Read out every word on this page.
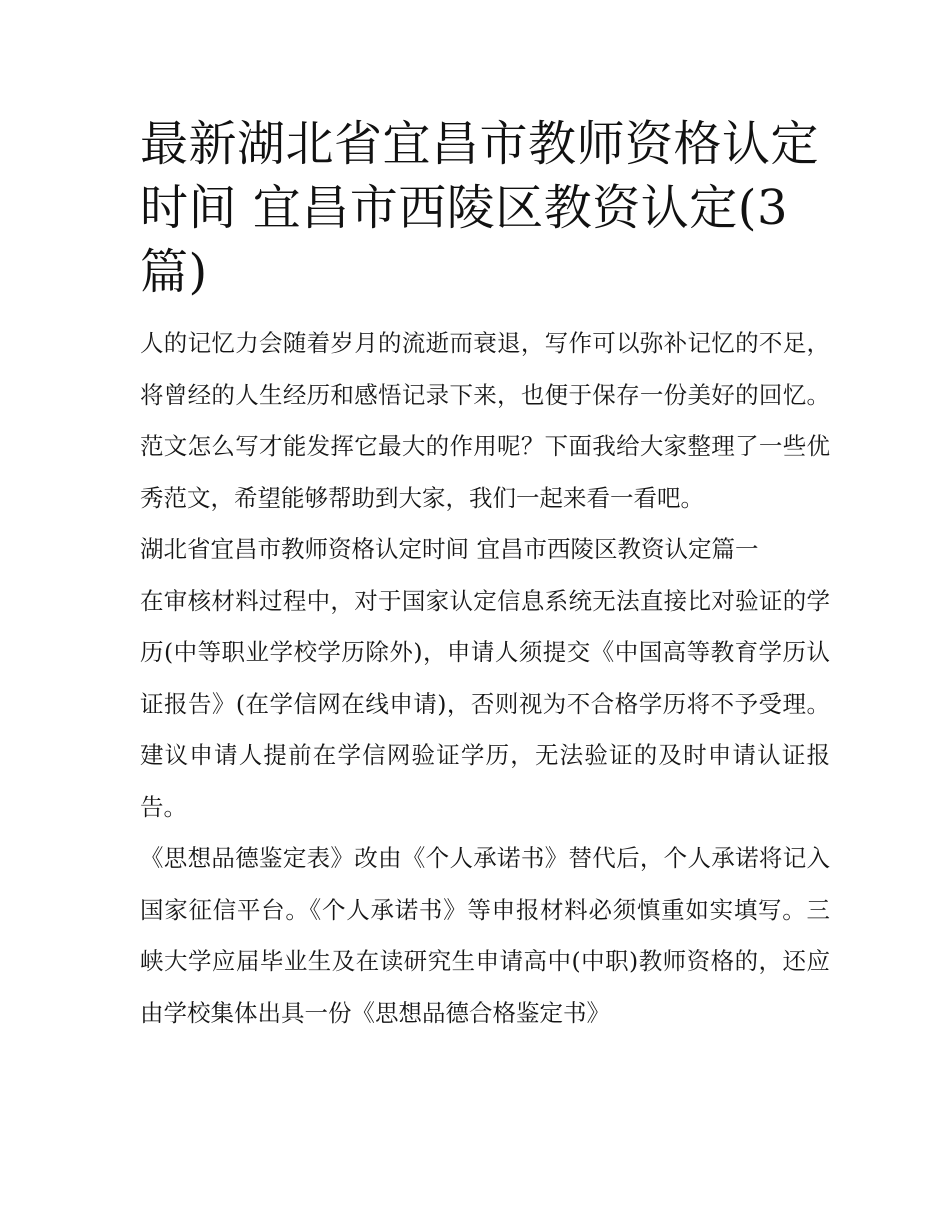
最新湖北省宜昌市教师资格认定时间 宜昌市西陵区教资认定(3篇)

人的记忆力会随着岁月的流逝而衰退，写作可以弥补记忆的不足，将曾经的人生经历和感悟记录下来，也便于保存一份美好的回忆。范文怎么写才能发挥它最大的作用呢？下面我给大家整理了一些优秀范文，希望能够帮助到大家，我们一起来看一看吧。

湖北省宜昌市教师资格认定时间 宜昌市西陵区教资认定篇一

在审核材料过程中，对于国家认定信息系统无法直接比对验证的学历(中等职业学校学历除外)，申请人须提交《中国高等教育学历认证报告》(在学信网在线申请)，否则视为不合格学历将不予受理。建议申请人提前在学信网验证学历，无法验证的及时申请认证报告。

《思想品德鉴定表》改由《个人承诺书》替代后，个人承诺将记入国家征信平台。《个人承诺书》等申报材料必须慎重如实填写。三峡大学应届毕业生及在读研究生申请高中(中职)教师资格的，还应由学校集体出具一份《思想品德合格鉴定书》
